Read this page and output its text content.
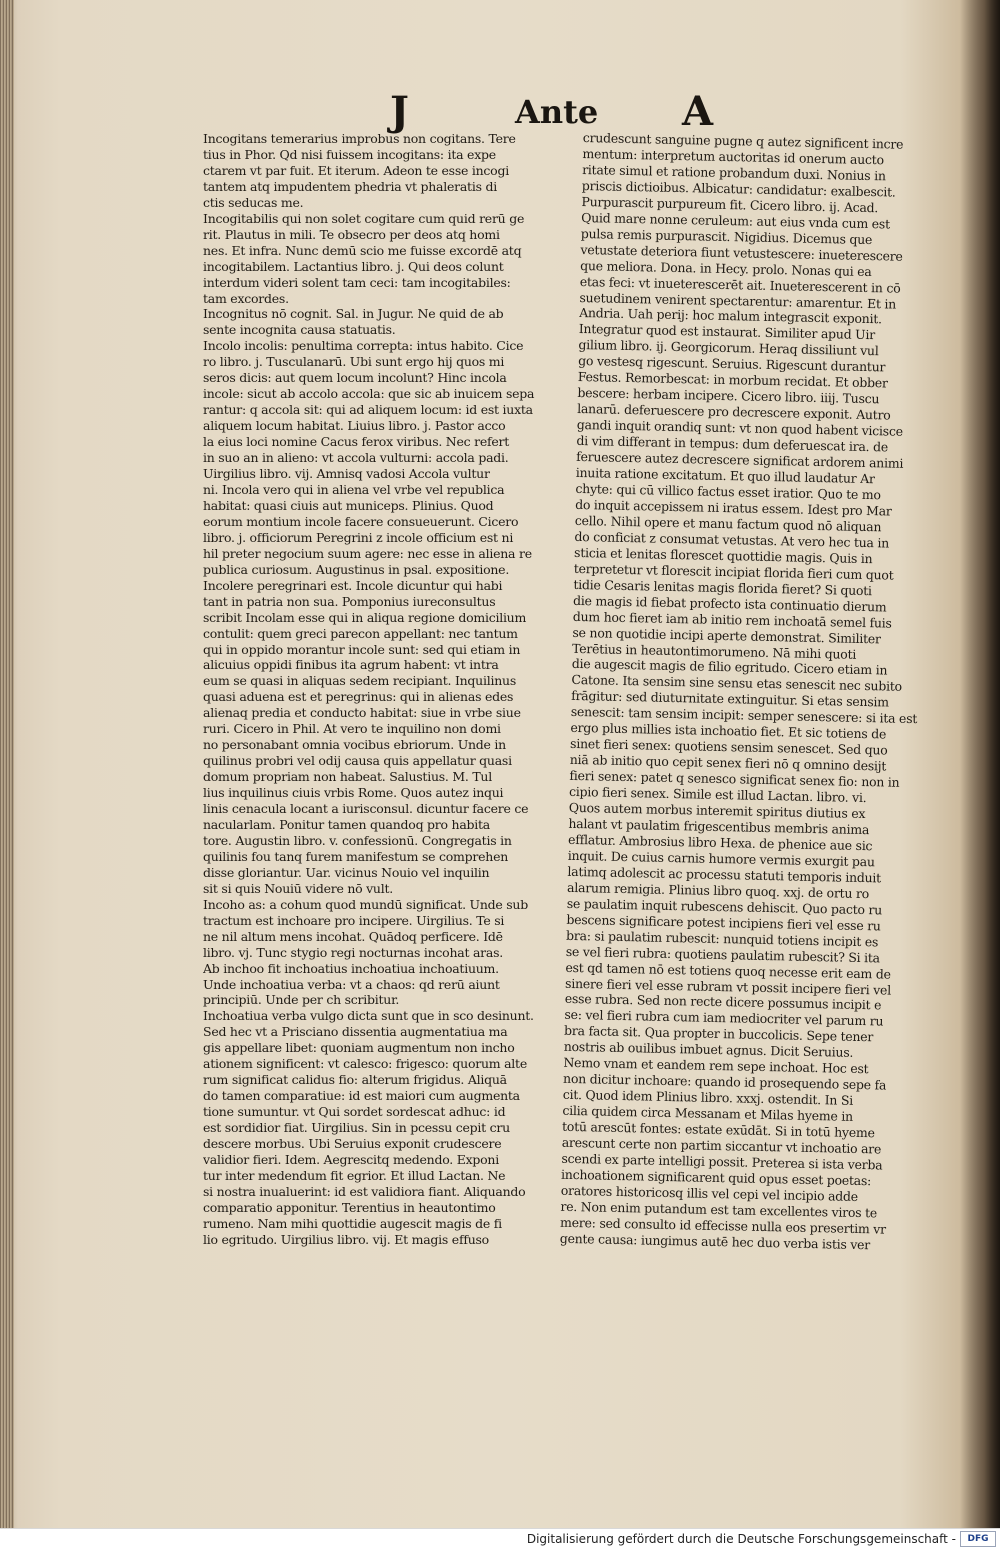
J	Ante A
Incogitans temerarius improbus non cogitans. Tere
tius in Phor. Qd nisi fuissem incogitans: ita expe
ctarem vt par fuit. Et iterum. Adeon te esse incogi
tantem atq impudentem phedria vt phaleratis di
ctis seducas me.
Incogitabilis qui non solet cogitare cum quid rerū ge
rit. Plautus in mili. Te obsecro per deos atq homi
nes. Et infra. Nunc demū scio me fuisse excordē atq
incogitabilem. Lactantius libro. j. Qui deos colunt
interdum videri solent tam ceci: tam incogitabiles:
tam excordes.
Incognitus nō cognit. Sal. in Jugur. Ne quid de ab
sente incognita causa statuatis.
Incolo incolis: penultima correpta: intus habito. Cice
ro libro. j. Tusculanarū. Ubi sunt ergo hij quos mi
seros dicis: aut quem locum incolunt? Hinc incola
incole: sicut ab accolo accola: que sic ab inuicem sepa
rantur: q accola sit: qui ad aliquem locum: id est iuxta
aliquem locum habitat. Liuius libro. j. Pastor acco
la eius loci nomine Cacus ferox viribus. Nec refert
in suo an in alieno: vt accola vulturni: accola padi.
Uirgilius libro. vij. Amnisq vadosi Accola vultur
ni. Incola vero qui in aliena vel vrbe vel republica
habitat: quasi ciuis aut municeps. Plinius. Quod
eorum montium incole facere consueuerunt. Cicero
libro. j. officiorum Peregrini z incole officium est ni
hil preter negocium suum agere: nec esse in aliena re
publica curiosum. Augustinus in psal. expositione.
Incolere peregrinari est. Incole dicuntur qui habi
tant in patria non sua. Pomponius iureconsultus
scribit Incolam esse qui in aliqua regione domicilium
contulit: quem greci parecon appellant: nec tantum
qui in oppido morantur incole sunt: sed qui etiam in
alicuius oppidi finibus ita agrum habent: vt intra
eum se quasi in aliquas sedem recipiant. Inquilinus
quasi aduena est et peregrinus: qui in alienas edes
alienaq predia et conducto habitat: siue in vrbe siue
ruri. Cicero in Phil. At vero te inquilino non domi
no personabant omnia vocibus ebriorum. Unde in
quilinus probri vel odij causa quis appellatur quasi
domum propriam non habeat. Salustius. M. Tul
lius inquilinus ciuis vrbis Rome. Quos autez inqui
linis cenacula locant a iurisconsul. dicuntur facere ce
nacularlam. Ponitur tamen quandoq pro habita
tore. Augustin libro. v. confessionū. Congregatis in
quilinis fou tanq furem manifestum se comprehen
disse gloriantur. Uar. vicinus Nouio vel inquilin
sit si quis Nouiū videre nō vult.
Incoho as: a cohum quod mundū significat. Unde sub
tractum est inchoare pro incipere. Uirgilius. Te si
ne nil altum mens incohat. Quādoq perficere. Idē
libro. vj. Tunc stygio regi nocturnas incohat aras.
Ab inchoo fit inchoatius inchoatiua inchoatiuum.
Unde inchoatiua verba: vt a chaos: qd rerū aiunt
principiū. Unde per ch scribitur.
Inchoatiua verba vulgo dicta sunt que in sco desinunt.
Sed hec vt a Prisciano dissentia augmentatiua ma
gis appellare libet: quoniam augmentum non incho
ationem significent: vt calesco: frigesco: quorum alte
rum significat calidus fio: alterum frigidus. Aliquā
do tamen comparatiue: id est maiori cum augmenta
tione sumuntur. vt Qui sordet sordescat adhuc: id
est sordidior fiat. Uirgilius. Sin in pcessu cepit cru
descere morbus. Ubi Seruius exponit crudescere
validior fieri. Idem. Aegrescitq medendo. Exponi
tur inter medendum fit egrior. Et illud Lactan. Ne
si nostra inualuerint: id est validiora fiant. Aliquando
comparatio apponitur. Terentius in heautontimo
rumeno. Nam mihi quottidie augescit magis de fi
lio egritudo. Uirgilius libro. vij. Et magis effuso
crudescunt sanguine pugne q autez significent incre
mentum: interpretum auctoritas id onerum aucto
ritate simul et ratione probandum duxi. Nonius in
priscis dictioibus. Albicatur: candidatur: exalbescit.
Purpurascit purpureum fit. Cicero libro. ij. Acad.
Quid mare nonne ceruleum: aut eius vnda cum est
pulsa remis purpurascit. Nigidius. Dicemus que
vetustate deteriora fiunt vetustescere: inueterescere
que meliora. Dona. in Hecy. prolo. Nonas qui ea
etas feci: vt inueterescerēt ait. Inueterescerent in cō
suetudinem venirent spectarentur: amarentur. Et in
Andria. Uah perij: hoc malum integrascit exponit.
Integratur quod est instaurat. Similiter apud Uir
gilium libro. ij. Georgicorum. Heraq dissiliunt vul
go vestesq rigescunt. Seruius. Rigescunt durantur
Festus. Remorbescat: in morbum recidat. Et obber
bescere: herbam incipere. Cicero libro. iiij. Tuscu
lanarū. deferuescere pro decrescere exponit. Autro
gandi inquit orandiq sunt: vt non quod habent vicisce
di vim differant in tempus: dum deferuescat ira. de
feruescere autez decrescere significat ardorem animi
inuita ratione excitatum. Et quo illud laudatur Ar
chyte: qui cū villico factus esset iratior. Quo te mo
do inquit accepissem ni iratus essem. Idest pro Mar
cello. Nihil opere et manu factum quod nō aliquan
do conficiat z consumat vetustas. At vero hec tua in
sticia et lenitas florescet quottidie magis. Quis in
terpretetur vt florescit incipiat florida fieri cum quot
tidie Cesaris lenitas magis florida fieret? Si quoti
die magis id fiebat profecto ista continuatio dierum
dum hoc fieret iam ab initio rem inchoatā semel fuis
se non quotidie incipi aperte demonstrat. Similiter
Terētius in heautontimorumeno. Nā mihi quoti
die augescit magis de filio egritudo. Cicero etiam in
Catone. Ita sensim sine sensu etas senescit nec subito
frāgitur: sed diuturnitate extinguitur. Si etas sensim
senescit: tam sensim incipit: semper senescere: si ita est
ergo plus millies ista inchoatio fiet. Et sic totiens de
sinet fieri senex: quotiens sensim senescet. Sed quo
niā ab initio quo cepit senex fieri nō q omnino desijt
fieri senex: patet q senesco significat senex fio: non in
cipio fieri senex. Simile est illud Lactan. libro. vi.
Quos autem morbus interemit spiritus diutius ex
halant vt paulatim frigescentibus membris anima
efflatur. Ambrosius libro Hexa. de phenice aue sic
inquit. De cuius carnis humore vermis exurgit pau
latimq adolescit ac processu statuti temporis induit
alarum remigia. Plinius libro quoq. xxj. de ortu ro
se paulatim inquit rubescens dehiscit. Quo pacto ru
bescens significare potest incipiens fieri vel esse ru
bra: si paulatim rubescit: nunquid totiens incipit es
se vel fieri rubra: quotiens paulatim rubescit? Si ita
est qd tamen nō est totiens quoq necesse erit eam de
sinere fieri vel esse rubram vt possit incipere fieri vel
esse rubra. Sed non recte dicere possumus incipit e
se: vel fieri rubra cum iam mediocriter vel parum ru
bra facta sit. Qua propter in buccolicis. Sepe tener
nostris ab ouilibus imbuet agnus. Dicit Seruius.
Nemo vnam et eandem rem sepe inchoat. Hoc est
non dicitur inchoare: quando id prosequendo sepe fa
cit. Quod idem Plinius libro. xxxj. ostendit. In Si
cilia quidem circa Messanam et Milas hyeme in
totū arescūt fontes: estate exūdāt. Si in totū hyeme
arescunt certe non partim siccantur vt inchoatio are
scendi ex parte intelligi possit. Preterea si ista verba
inchoationem significarent quid opus esset poetas:
oratores historicosq illis vel cepi vel incipio adde
re. Non enim putandum est tam excellentes viros te
mere: sed consulto id effecisse nulla eos presertim vr
gente causa: iungimus autē hec duo verba istis ver
Digitalisierung gefördert durch die Deutsche Forschungsgemeinschaft -	DFG
